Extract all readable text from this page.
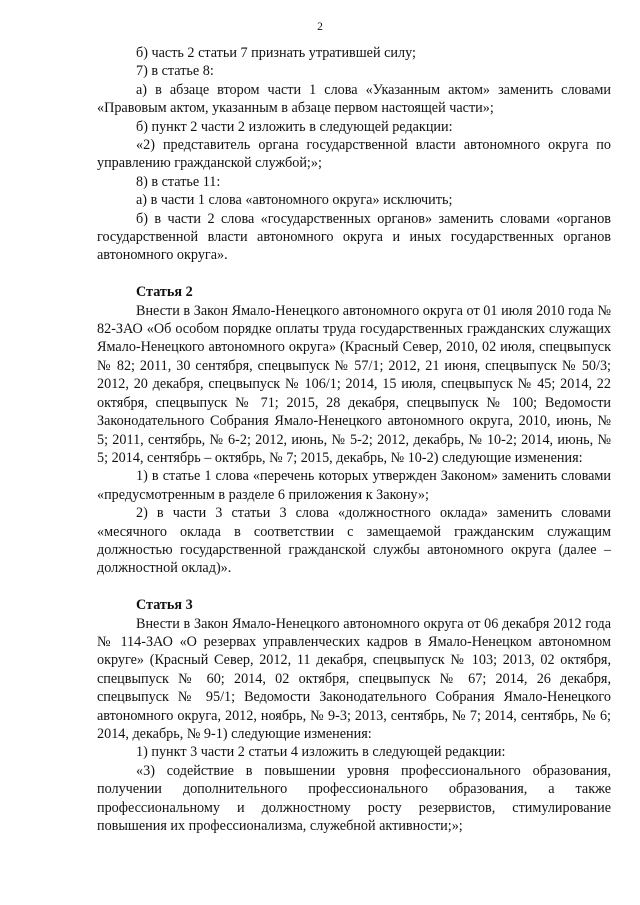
2

б) часть 2 статьи 7 признать утратившей силу;

7) в статье 8:

а) в абзаце втором части 1 слова «Указанным актом» заменить словами «Правовым актом, указанным в абзаце первом настоящей части»;

б) пункт 2 части 2 изложить в следующей редакции:

«2) представитель органа государственной власти автономного округа по управлению гражданской службой;»;

8) в статье 11:

а) в части 1 слова «автономного округа» исключить;

б) в части 2 слова «государственных органов» заменить словами «органов государственной власти автономного округа и иных государственных органов автономного округа».

Статья 2

Внести в Закон Ямало-Ненецкого автономного округа от 01 июля 2010 года № 82-ЗАО «Об особом порядке оплаты труда государственных гражданских служащих Ямало-Ненецкого автономного округа» (Красный Север, 2010, 02 июля, спецвыпуск № 82; 2011, 30 сентября, спецвыпуск № 57/1; 2012, 21 июня, спецвыпуск № 50/3; 2012, 20 декабря, спецвыпуск № 106/1; 2014, 15 июля, спецвыпуск № 45; 2014, 22 октября, спецвыпуск № 71; 2015, 28 декабря, спецвыпуск № 100; Ведомости Законодательного Собрания Ямало-Ненецкого автономного округа, 2010, июнь, № 5; 2011, сентябрь, № 6-2; 2012, июнь, № 5-2; 2012, декабрь, № 10-2; 2014, июнь, № 5; 2014, сентябрь – октябрь, № 7; 2015, декабрь, № 10-2) следующие изменения:

1) в статье 1 слова «перечень которых утвержден Законом» заменить словами «предусмотренным в разделе 6 приложения к Закону»;

2) в части 3 статьи 3 слова «должностного оклада» заменить словами «месячного оклада в соответствии с замещаемой гражданским служащим должностью государственной гражданской службы автономного округа (далее – должностной оклад)».

Статья 3

Внести в Закон Ямало-Ненецкого автономного округа от 06 декабря 2012 года № 114-ЗАО «О резервах управленческих кадров в Ямало-Ненецком автономном округе» (Красный Север, 2012, 11 декабря, спецвыпуск № 103; 2013, 02 октября, спецвыпуск № 60; 2014, 02 октября, спецвыпуск № 67; 2014, 26 декабря, спецвыпуск № 95/1; Ведомости Законодательного Собрания Ямало-Ненецкого автономного округа, 2012, ноябрь, № 9-3; 2013, сентябрь, № 7; 2014, сентябрь, № 6; 2014, декабрь, № 9-1) следующие изменения:

1) пункт 3 части 2 статьи 4 изложить в следующей редакции:

«3) содействие в повышении уровня профессионального образования, получении дополнительного профессионального образования, а также профессиональному и должностному росту резервистов, стимулирование повышения их профессионализма, служебной активности;»;
